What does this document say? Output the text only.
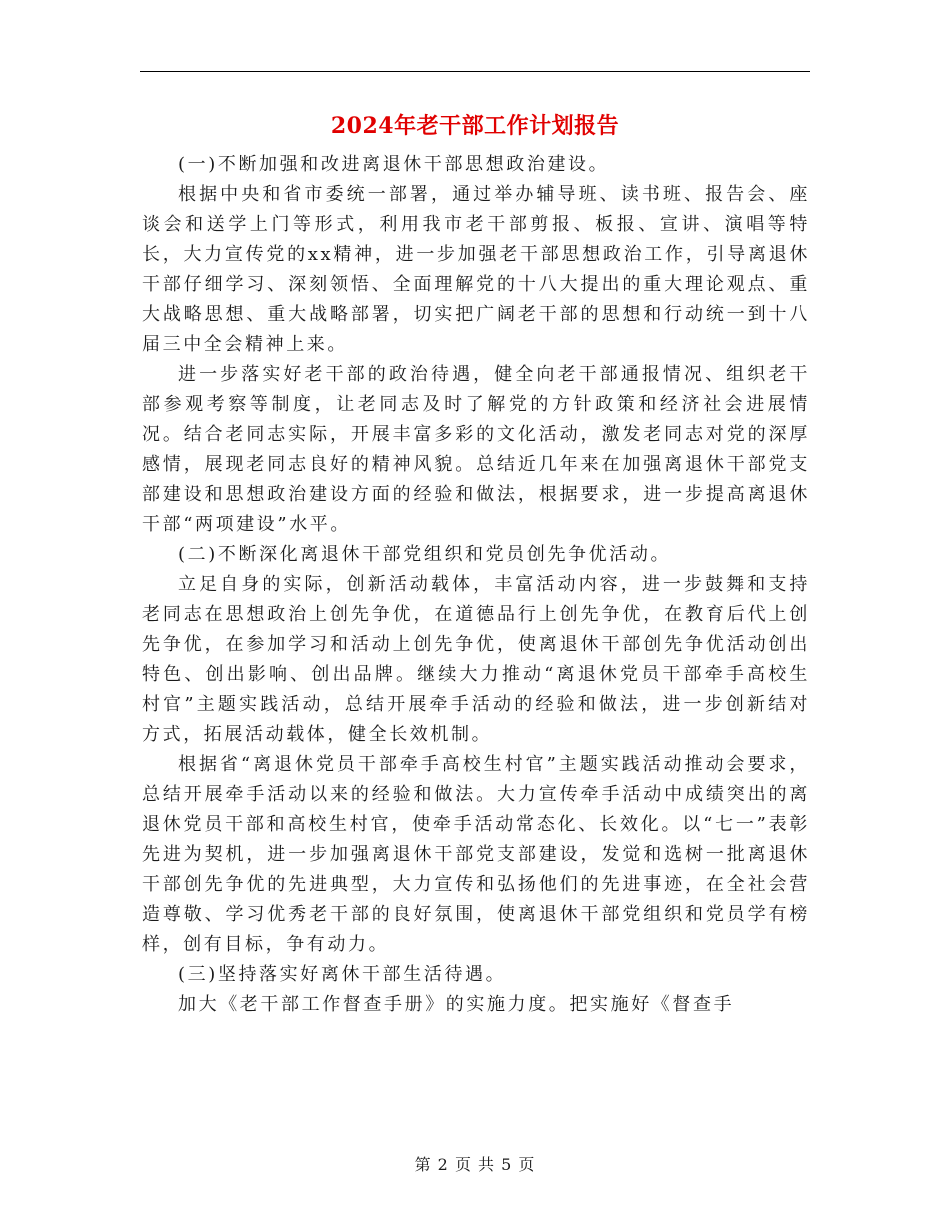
2024年老干部工作计划报告

(一)不断加强和改进离退休干部思想政治建设。

根据中央和省市委统一部署，通过举办辅导班、读书班、报告会、座谈会和送学上门等形式，利用我市老干部剪报、板报、宣讲、演唱等特长，大力宣传党的xx精神，进一步加强老干部思想政治工作，引导离退休干部仔细学习、深刻领悟、全面理解党的十八大提出的重大理论观点、重大战略思想、重大战略部署，切实把广阔老干部的思想和行动统一到十八届三中全会精神上来。

进一步落实好老干部的政治待遇，健全向老干部通报情况、组织老干部参观考察等制度，让老同志及时了解党的方针政策和经济社会进展情况。结合老同志实际，开展丰富多彩的文化活动，激发老同志对党的深厚感情，展现老同志良好的精神风貌。总结近几年来在加强离退休干部党支部建设和思想政治建设方面的经验和做法，根据要求，进一步提高离退休干部“两项建设”水平。

(二)不断深化离退休干部党组织和党员创先争优活动。

立足自身的实际，创新活动载体，丰富活动内容，进一步鼓舞和支持老同志在思想政治上创先争优，在道德品行上创先争优，在教育后代上创先争优，在参加学习和活动上创先争优，使离退休干部创先争优活动创出特色、创出影响、创出品牌。继续大力推动“离退休党员干部牵手高校生村官”主题实践活动，总结开展牵手活动的经验和做法，进一步创新结对方式，拓展活动载体，健全长效机制。

根据省“离退休党员干部牵手高校生村官”主题实践活动推动会要求，总结开展牵手活动以来的经验和做法。大力宣传牵手活动中成绩突出的离退休党员干部和高校生村官，使牵手活动常态化、长效化。以“七一”表彰先进为契机，进一步加强离退休干部党支部建设，发觉和选树一批离退休干部创先争优的先进典型，大力宣传和弘扬他们的先进事迹，在全社会营造尊敬、学习优秀老干部的良好氛围，使离退休干部党组织和党员学有榜样，创有目标，争有动力。

(三)坚持落实好离休干部生活待遇。

加大《老干部工作督查手册》的实施力度。把实施好《督查手

第 2 页 共 5 页
